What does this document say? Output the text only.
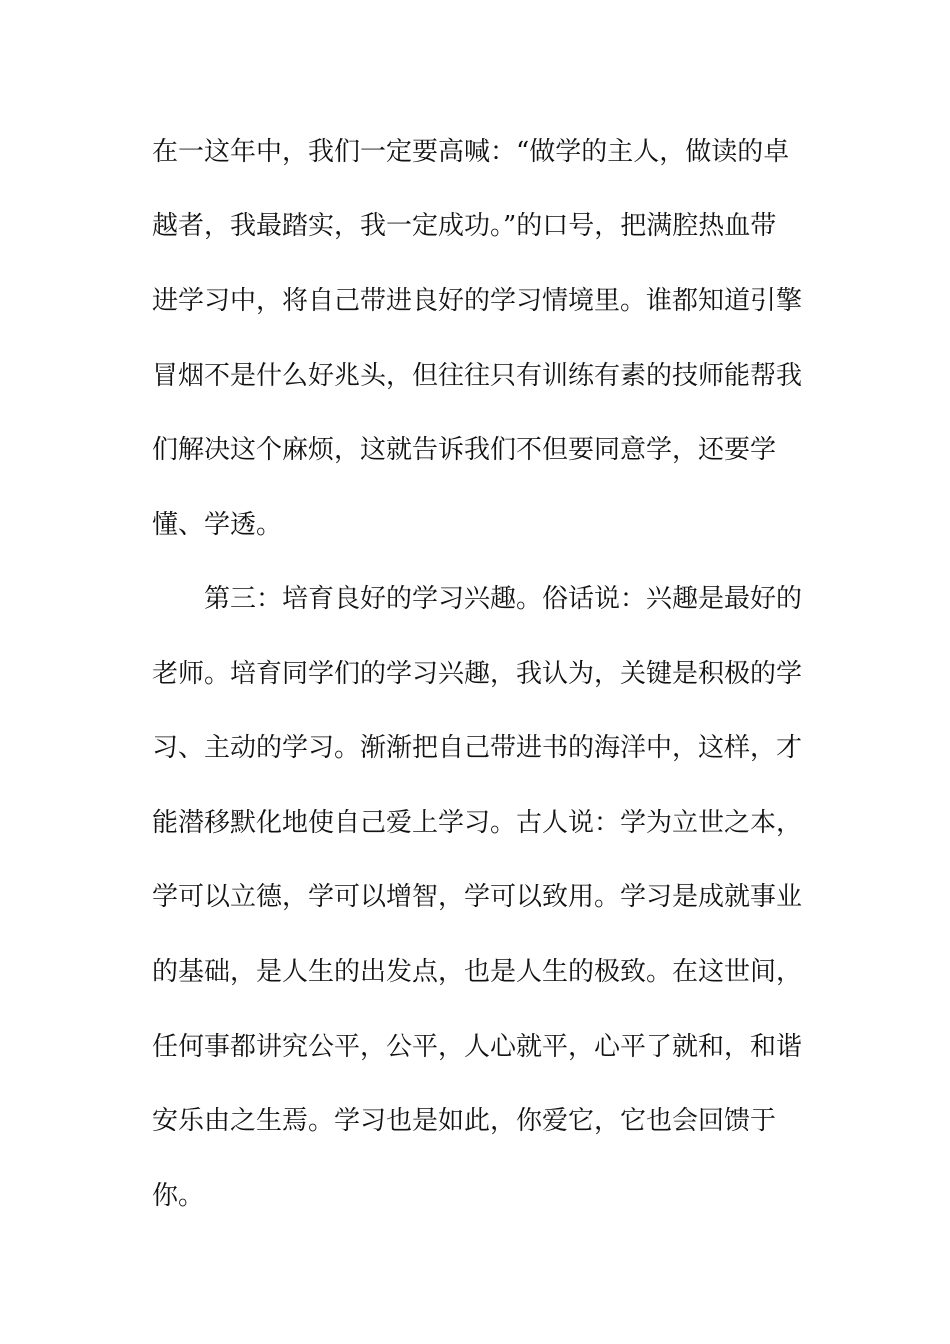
在一这年中，我们一定要高喊：“做学的主人，做读的卓

越者，我最踏实，我一定成功。”的口号，把满腔热血带

进学习中，将自己带进良好的学习情境里。谁都知道引擎

冒烟不是什么好兆头，但往往只有训练有素的技师能帮我

们解决这个麻烦，这就告诉我们不但要同意学，还要学

懂、学透。

第三：培育良好的学习兴趣。俗话说：兴趣是最好的

老师。培育同学们的学习兴趣，我认为，关键是积极的学

习、主动的学习。渐渐把自己带进书的海洋中，这样，才

能潜移默化地使自己爱上学习。古人说：学为立世之本，

学可以立德，学可以增智，学可以致用。学习是成就事业

的基础，是人生的出发点，也是人生的极致。在这世间，

任何事都讲究公平，公平，人心就平，心平了就和，和谐

安乐由之生焉。学习也是如此，你爱它，它也会回馈于

你。
